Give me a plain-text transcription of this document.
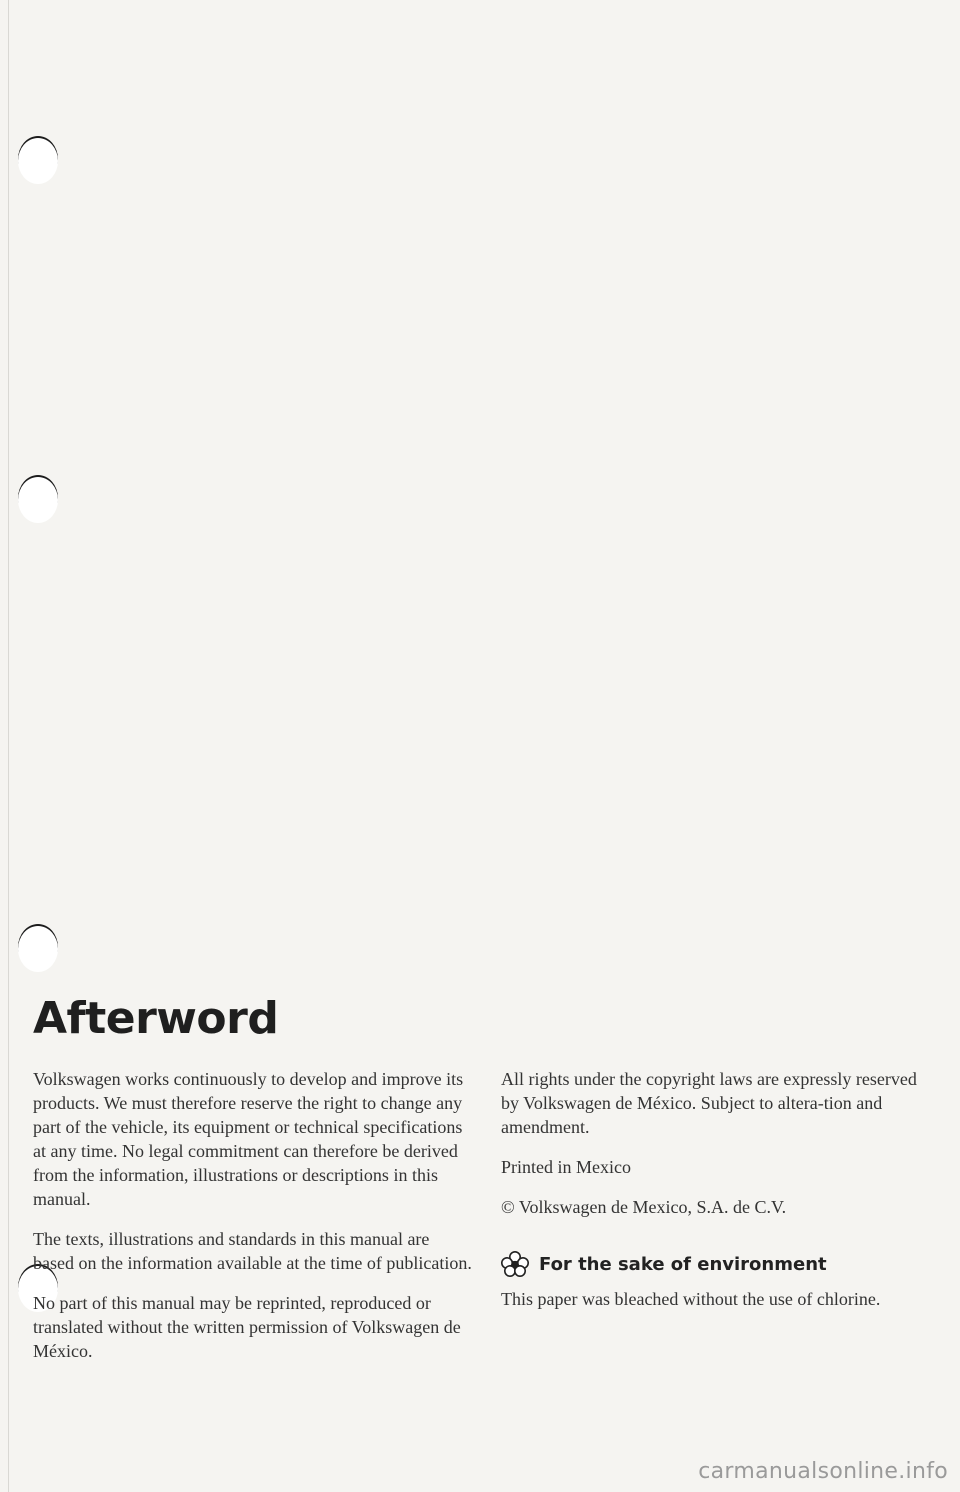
Afterword

Volkswagen works continuously to develop and improve its products. We must therefore reserve the right to change any part of the vehicle, its equipment or technical specifications at any time. No legal commitment can therefore be derived from the information, illustrations or descriptions in this manual.

The texts, illustrations and standards in this manual are based on the information available at the time of publication.

No part of this manual may be reprinted, reproduced or translated without the written permission of Volkswagen de México.

All rights under the copyright laws are expressly reserved by Volkswagen de México. Subject to altera-tion and amendment.

Printed in Mexico

© Volkswagen de Mexico, S.A. de C.V.

For the sake of environment

This paper was bleached without the use of chlorine.

carmanualsonline.info
